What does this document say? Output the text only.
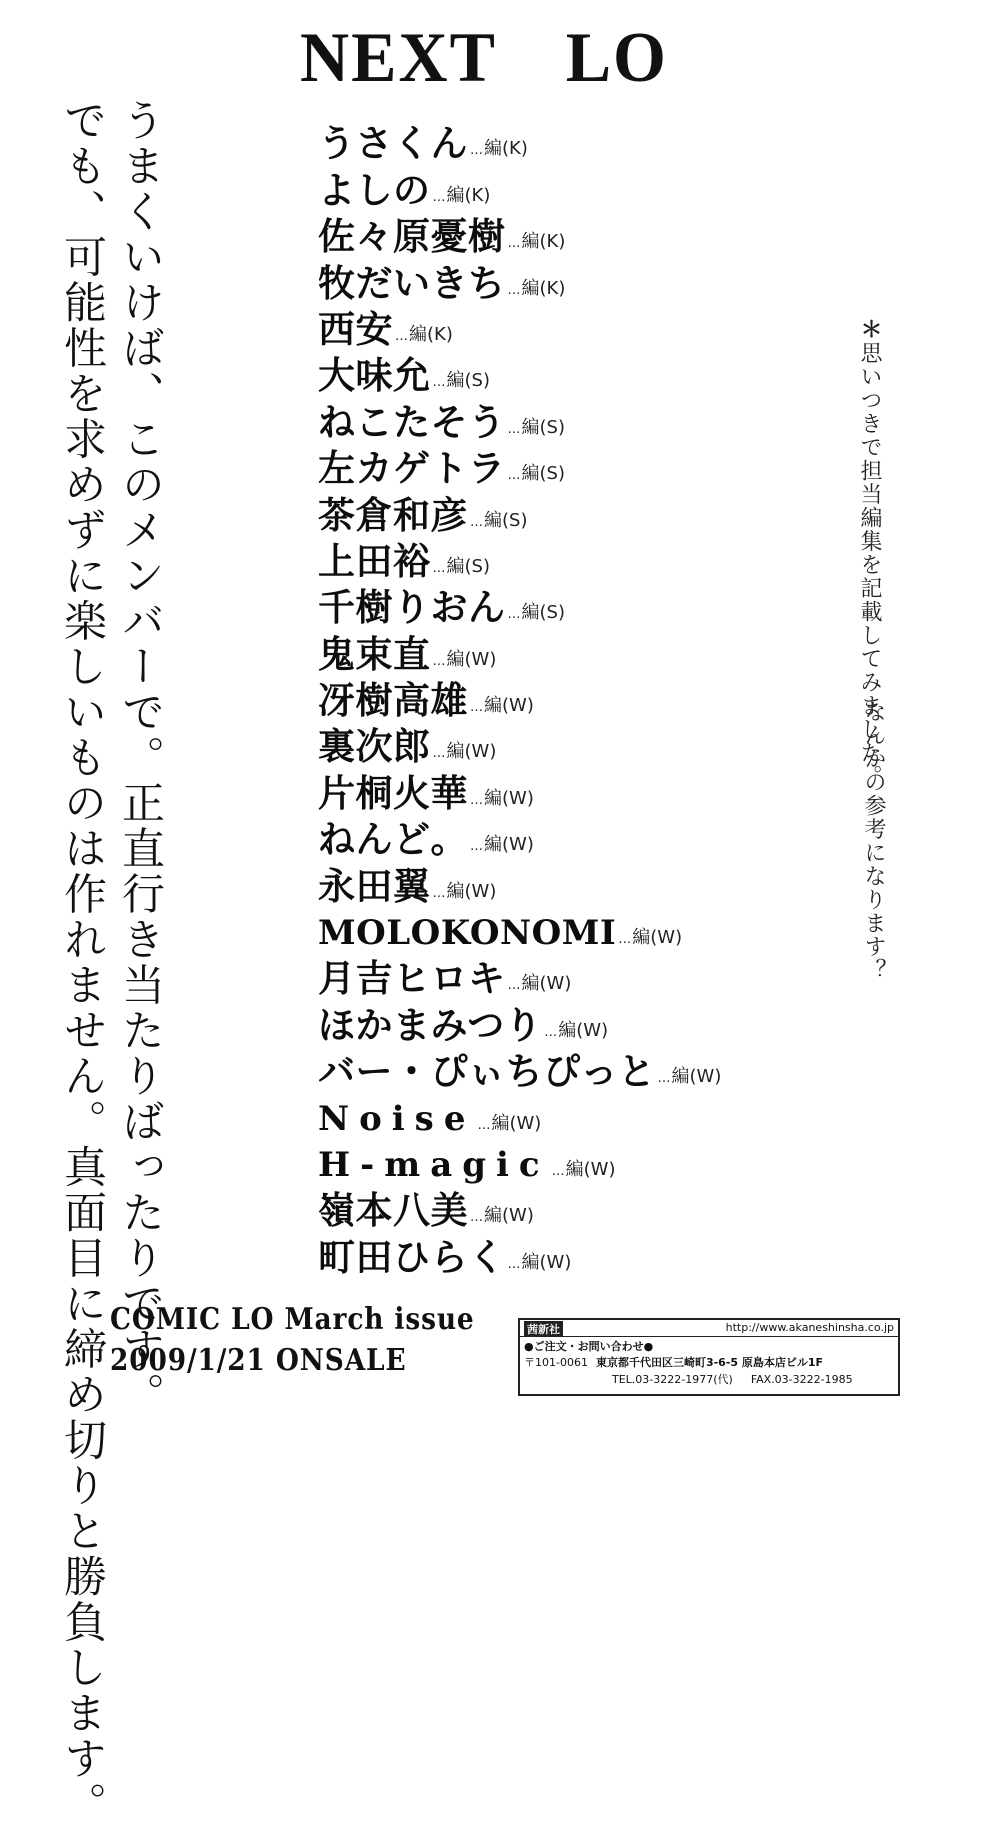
NEXT　LO
うまくいけば、このメンバーで。正直行き当たりばったりです。
でも、可能性を求めずに楽しいものは作れません。真面目に締め切りと勝負します。	＊思いつきで担当編集を記載してみました。
なんかの参考になります？
うさくん … 編(K)
よしの … 編(K)
佐々原憂樹 … 編(K)
牧だいきち … 編(K)
西安 … 編(K)
大味允 … 編(S)
ねこたそう … 編(S)
左カゲトラ … 編(S)
茶倉和彦 … 編(S)
上田裕 … 編(S)
千樹りおん … 編(S)
鬼束直 … 編(W)
冴樹高雄 … 編(W)
裏次郎 … 編(W)
片桐火華 … 編(W)
ねんど。 … 編(W)
永田翼 … 編(W)
MOLOKONOMI … 編(W)
月吉ヒロキ … 編(W)
ほかまみつり … 編(W)
バー・ぴぃちぴっと … 編(W)
Noise … 編(W)
H-magic … 編(W)
嶺本八美 … 編(W)
町田ひらく … 編(W)
COMIC LO March issue
2009/1/21 ONSALE
茜新社	http://www.akaneshinsha.co.jp
●ご注文・お問い合わせ●
〒101-0061 東京都千代田区三崎町3-6-5 原島本店ビル1F
TEL.03-3222-1977(代) FAX.03-3222-1985
